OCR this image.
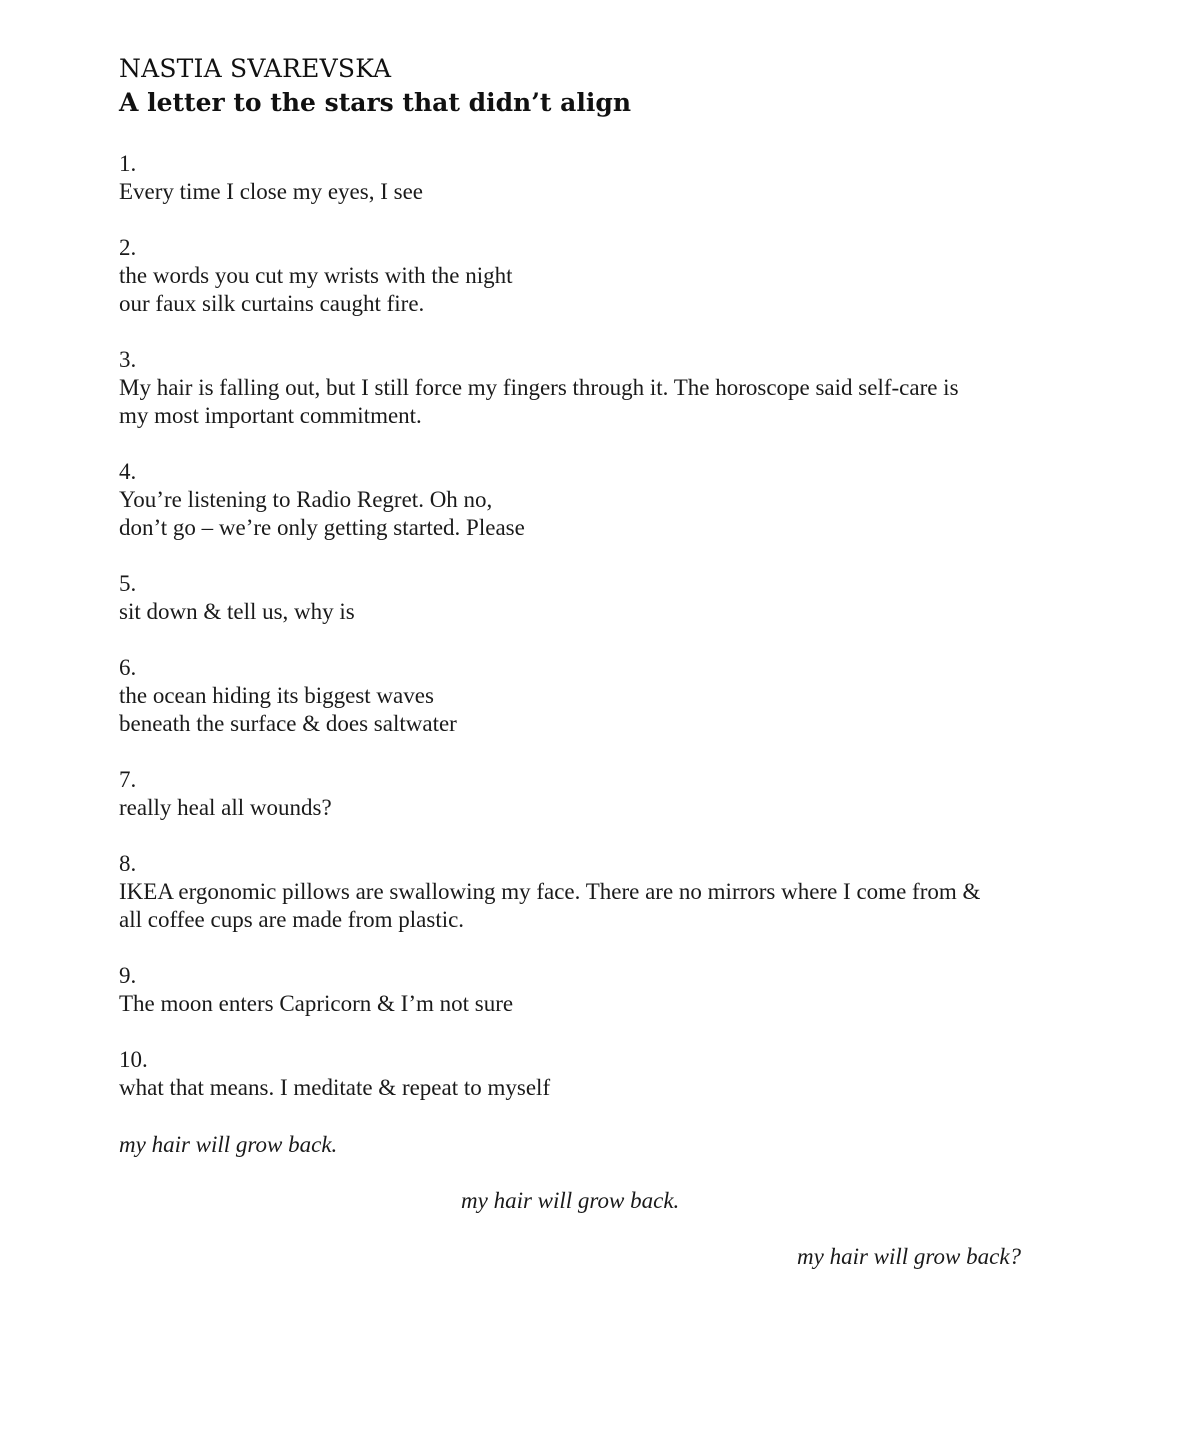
NASTIA SVAREVSKA
A letter to the stars that didn’t align
1.
Every time I close my eyes, I see
2.
the words you cut my wrists with the night
our faux silk curtains caught fire.
3.
My hair is falling out, but I still force my fingers through it. The horoscope said self-care is
my most important commitment.
4.
You’re listening to Radio Regret. Oh no,
don’t go – we’re only getting started. Please
5.
sit down & tell us, why is
6.
the ocean hiding its biggest waves
beneath the surface & does saltwater
7.
really heal all wounds?
8.
IKEA ergonomic pillows are swallowing my face. There are no mirrors where I come from &
all coffee cups are made from plastic.
9.
The moon enters Capricorn & I’m not sure
10.
what that means. I meditate & repeat to myself
my hair will grow back.
my hair will grow back.
my hair will grow back?
